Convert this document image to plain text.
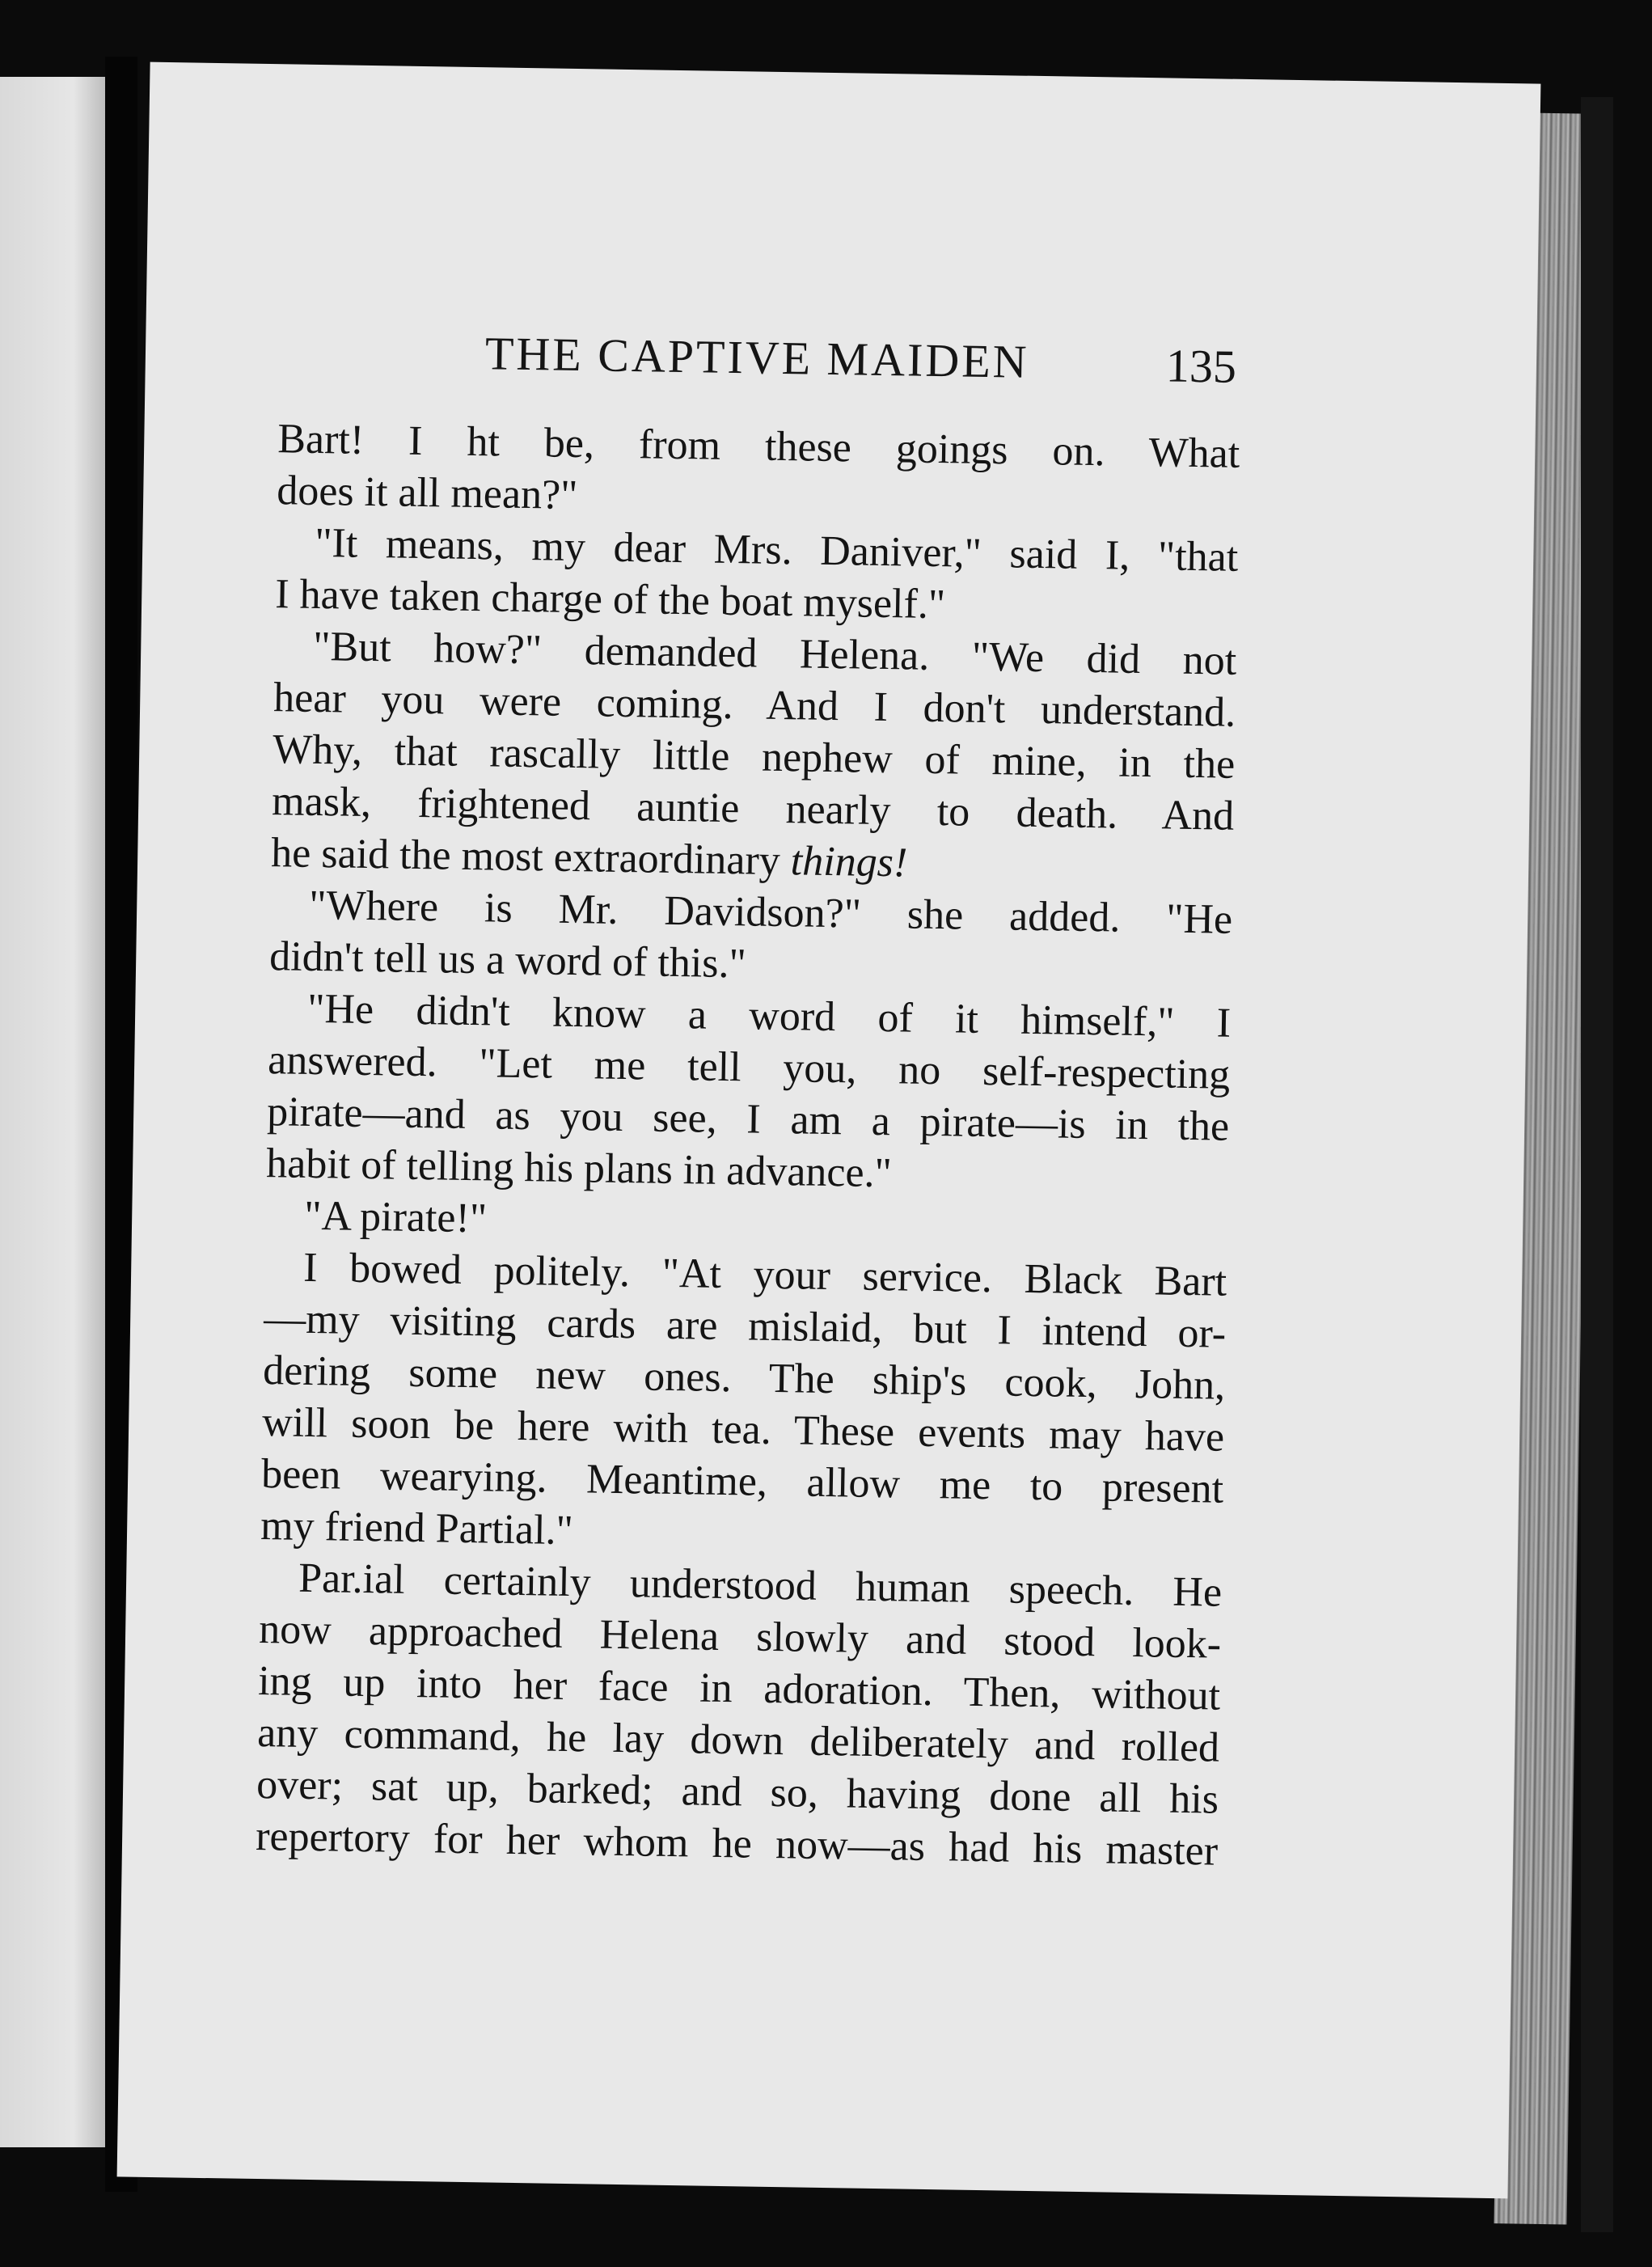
THE CAPTIVE MAIDEN	135
Bart! I ht be, from these goings on. What
does it all mean?"
"It means, my dear Mrs. Daniver," said I, "that
I have taken charge of the boat myself."
"But how?" demanded Helena. "We did not
hear you were coming. And I don't understand.
Why, that rascally little nephew of mine, in the
mask, frightened auntie nearly to death. And
he said the most extraordinary things!
"Where is Mr. Davidson?" she added. "He
didn't tell us a word of this."
"He didn't know a word of it himself," I
answered. "Let me tell you, no self-respecting
pirate—and as you see, I am a pirate—is in the
habit of telling his plans in advance."
"A pirate!"
I bowed politely. "At your service. Black Bart
—my visiting cards are mislaid, but I intend or-
dering some new ones. The ship's cook, John,
will soon be here with tea. These events may have
been wearying. Meantime, allow me to present
my friend Partial."
Par.ial certainly understood human speech. He
now approached Helena slowly and stood look-
ing up into her face in adoration. Then, without
any command, he lay down deliberately and rolled
over; sat up, barked; and so, having done all his
repertory for her whom he now—as had his master
